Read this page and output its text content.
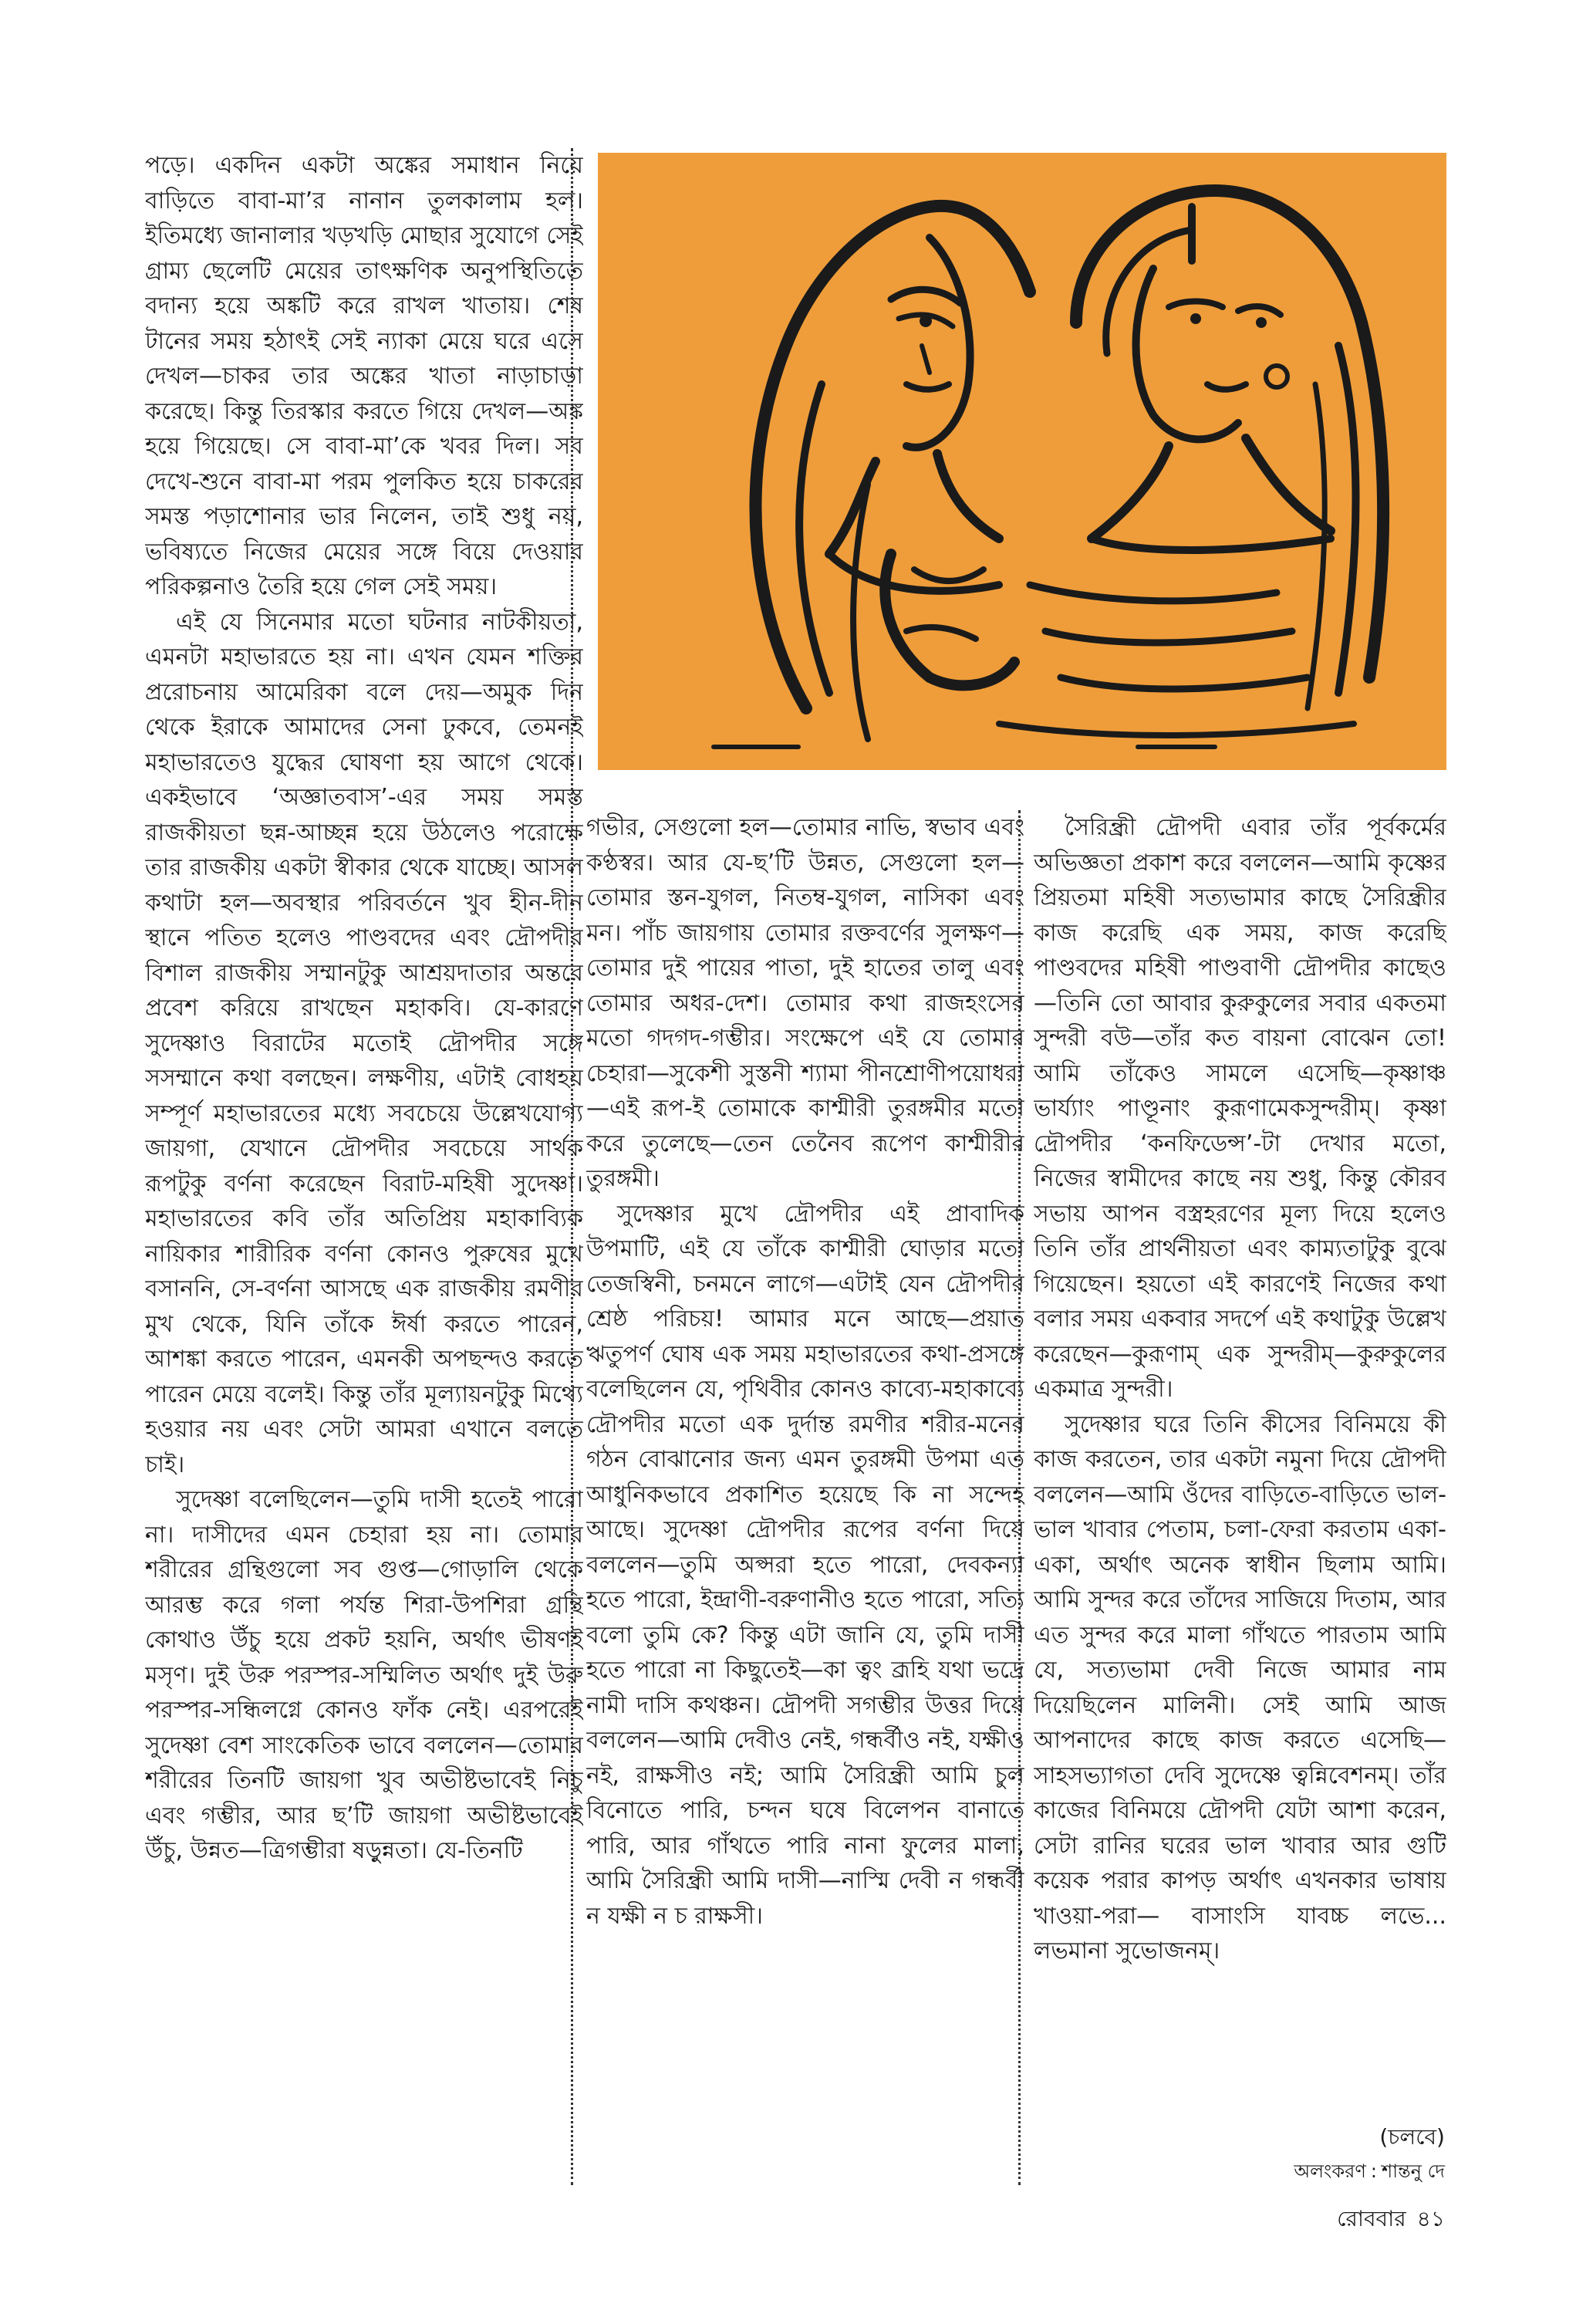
পড়ে। একদিন একটা অঙ্কের সমাধান নিয়ে বাড়িতে বাবা-মা’র নানান তুলকালাম হল। ইতিমধ্যে জানালার খড়খড়ি মোছার সুযোগে সেই গ্রাম্য ছেলেটি মেয়ের তাৎক্ষণিক অনুপস্থিতিতে বদান্য হয়ে অঙ্কটি করে রাখল খাতায়। শেষ টানের সময় হঠাৎই সেই ন্যাকা মেয়ে ঘরে এসে দেখল—চাকর তার অঙ্কের খাতা নাড়াচাড়া করেছে। কিন্তু তিরস্কার করতে গিয়ে দেখল—অঙ্ক হয়ে গিয়েছে। সে বাবা-মা’কে খবর দিল। সব দেখে-শুনে বাবা-মা পরম পুলকিত হয়ে চাকরের সমস্ত পড়াশোনার ভার নিলেন, তাই শুধু নয়, ভবিষ্যতে নিজের মেয়ের সঙ্গে বিয়ে দেওয়ার পরিকল্পনাও তৈরি হয়ে গেল সেই সময়।

এই যে সিনেমার মতো ঘটনার নাটকীয়তা, এমনটা মহাভারতে হয় না। এখন যেমন শক্তির প্ররোচনায় আমেরিকা বলে দেয়—অমুক দিন থেকে ইরাকে আমাদের সেনা ঢুকবে, তেমনই মহাভারতেও যুদ্ধের ঘোষণা হয় আগে থেকে। একইভাবে ‘অজ্ঞাতবাস’-এর সময় সমস্ত রাজকীয়তা ছন্ন-আচ্ছন্ন হয়ে উঠলেও পরোক্ষে তার রাজকীয় একটা স্বীকার থেকে যাচ্ছে। আসল কথাটা হল—অবস্থার পরিবর্তনে খুব হীন-দীন স্থানে পতিত হলেও পাণ্ডবদের এবং দ্রৌপদীর বিশাল রাজকীয় সম্মানটুকু আশ্রয়দাতার অন্তরে প্রবেশ করিয়ে রাখছেন মহাকবি। যে-কারণে সুদেষ্ণাও বিরাটের মতোই দ্রৌপদীর সঙ্গে সসম্মানে কথা বলছেন। লক্ষণীয়, এটাই বোধহয় সম্পূর্ণ মহাভারতের মধ্যে সবচেয়ে উল্লেখযোগ্য জায়গা, যেখানে দ্রৌপদীর সবচেয়ে সার্থক রূপটুকু বর্ণনা করেছেন বিরাট-মহিষী সুদেষ্ণা। মহাভারতের কবি তাঁর অতিপ্রিয় মহাকাব্যিক নায়িকার শারীরিক বর্ণনা কোনও পুরুষের মুখে বসাননি, সে-বর্ণনা আসছে এক রাজকীয় রমণীর মুখ থেকে, যিনি তাঁকে ঈর্ষা করতে পারেন, আশঙ্কা করতে পারেন, এমনকী অপছন্দও করতে পারেন মেয়ে বলেই। কিন্তু তাঁর মূল্যায়নটুকু মিথ্যে হওয়ার নয় এবং সেটা আমরা এখানে বলতে চাই।

সুদেষ্ণা বলেছিলেন—তুমি দাসী হতেই পারো না। দাসীদের এমন চেহারা হয় না। তোমার শরীরের গ্রন্থিগুলো সব গুপ্ত—গোড়ালি থেকে আরম্ভ করে গলা পর্যন্ত শিরা-উপশিরা গ্রন্থি কোথাও উঁচু হয়ে প্রকট হয়নি, অর্থাৎ ভীষণই মসৃণ। দুই উরু পরস্পর-সম্মিলিত অর্থাৎ দুই উরু পরস্পর-সন্ধিলগ্নে কোনও ফাঁক নেই। এরপরেই সুদেষ্ণা বেশ সাংকেতিক ভাবে বললেন—তোমার শরীরের তিনটি জায়গা খুব অভীষ্টভাবেই নিচু এবং গম্ভীর, আর ছ’টি জায়গা অভীষ্টভাবেই উঁচু, উন্নত—ত্রিগম্ভীরা ষড়ুন্নতা। যে-তিনটি

গভীর, সেগুলো হল—তোমার নাভি, স্বভাব এবং কণ্ঠস্বর। আর যে-ছ’টি উন্নত, সেগুলো হল—তোমার স্তন-যুগল, নিতম্ব-যুগল, নাসিকা এবং মন। পাঁচ জায়গায় তোমার রক্তবর্ণের সুলক্ষণ—তোমার দুই পায়ের পাতা, দুই হাতের তালু এবং তোমার অধর-দেশ। তোমার কথা রাজহংসের মতো গদগদ-গম্ভীর। সংক্ষেপে এই যে তোমার চেহারা—সুকেশী সুস্তনী শ্যামা পীনশ্রোণীপয়োধরা—এই রূপ-ই তোমাকে কাশ্মীরী তুরঙ্গমীর মতো করে তুলেছে—তেন তেনৈব রূপেণ কাশ্মীরীর তুরঙ্গমী।

সুদেষ্ণার মুখে দ্রৌপদীর এই প্রাবাদিক উপমাটি, এই যে তাঁকে কাশ্মীরী ঘোড়ার মতো তেজস্বিনী, চনমনে লাগে—এটাই যেন দ্রৌপদীর শ্রেষ্ঠ পরিচয়! আমার মনে আছে—প্রয়াত ঋতুপর্ণ ঘোষ এক সময় মহাভারতের কথা-প্রসঙ্গে বলেছিলেন যে, পৃথিবীর কোনও কাব্যে-মহাকাব্যে দ্রৌপদীর মতো এক দুর্দান্ত রমণীর শরীর-মনের গঠন বোঝানোর জন্য এমন তুরঙ্গমী উপমা এত আধুনিকভাবে প্রকাশিত হয়েছে কি না সন্দেহ আছে। সুদেষ্ণা দ্রৌপদীর রূপের বর্ণনা দিয়ে বললেন—তুমি অপ্সরা হতে পারো, দেবকন্যা হতে পারো, ইন্দ্রাণী-বরুণানীও হতে পারো, সত্যি বলো তুমি কে? কিন্তু এটা জানি যে, তুমি দাসী হতে পারো না কিছুতেই—কা ত্বং ব্রূহি যথা ভদ্রে নামী দাসি কথঞ্চন। দ্রৌপদী সগম্ভীর উত্তর দিয়ে বললেন—আমি দেবীও নেই, গন্ধর্বীও নই, যক্ষীও নই, রাক্ষসীও নই; আমি সৈরিন্ধ্রী আমি চুল বিনোতে পারি, চন্দন ঘষে বিলেপন বানাতে পারি, আর গাঁথতে পারি নানা ফুলের মালা, আমি সৈরিন্ধ্রী আমি দাসী—নাস্মি দেবী ন গন্ধর্বী ন যক্ষী ন চ রাক্ষসী।

সৈরিন্ধ্রী দ্রৌপদী এবার তাঁর পূর্বকর্মের অভিজ্ঞতা প্রকাশ করে বললেন—আমি কৃষ্ণের প্রিয়তমা মহিষী সত্যভামার কাছে সৈরিন্ধ্রীর কাজ করেছি এক সময়, কাজ করেছি পাণ্ডবদের মহিষী পাণ্ডবাণী দ্রৌপদীর কাছেও—তিনি তো আবার কুরুকুলের সবার একতমা সুন্দরী বউ—তাঁর কত বায়না বোঝেন তো! আমি তাঁকেও সামলে এসেছি—কৃষ্ণাঞ্চ ভার্য্যাং পাণ্ডূনাং কুরূণামেকসুন্দরীম্। কৃষ্ণা দ্রৌপদীর ‘কনফিডেন্স’-টা দেখার মতো, নিজের স্বামীদের কাছে নয় শুধু, কিন্তু কৌরব সভায় আপন বস্ত্রহরণের মূল্য দিয়ে হলেও তিনি তাঁর প্রার্থনীয়তা এবং কাম্যতাটুকু বুঝে গিয়েছেন। হয়তো এই কারণেই নিজের কথা বলার সময় একবার সদর্পে এই কথাটুকু উল্লেখ করেছেন—কুরূণাম্ এক সুন্দরীম্—কুরুকুলের একমাত্র সুন্দরী।

সুদেষ্ণার ঘরে তিনি কীসের বিনিময়ে কী কাজ করতেন, তার একটা নমুনা দিয়ে দ্রৌপদী বললেন—আমি ওঁদের বাড়িতে-বাড়িতে ভাল-ভাল খাবার পেতাম, চলা-ফেরা করতাম একা-একা, অর্থাৎ অনেক স্বাধীন ছিলাম আমি। আমি সুন্দর করে তাঁদের সাজিয়ে দিতাম, আর এত সুন্দর করে মালা গাঁথতে পারতাম আমি যে, সত্যভামা দেবী নিজে আমার নাম দিয়েছিলেন মালিনী। সেই আমি আজ আপনাদের কাছে কাজ করতে এসেছি—সাহসভ্যাগতা দেবি সুদেষ্ণে ত্বন্নিবেশনম্। তাঁর কাজের বিনিময়ে দ্রৌপদী যেটা আশা করেন, সেটা রানির ঘরের ভাল খাবার আর গুটি কয়েক পরার কাপড় অর্থাৎ এখনকার ভাষায় খাওয়া-পরা— বাসাংসি যাবচ্চ লভে... লভমানা সুভোজনম্।

(চলবে)
অলংকরণ : শান্তনু দে
রোববার ৪১
